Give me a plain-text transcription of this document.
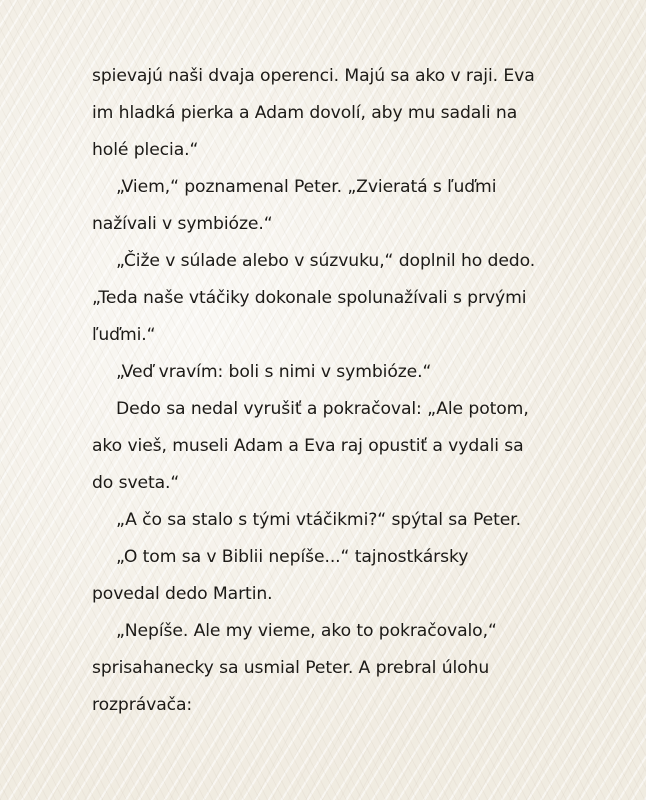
spievajú naši dvaja operenci. Majú sa ako v raji. Eva
im hladká pierka a Adam dovolí, aby mu sadali na
holé plecia.“
„Viem,“ poznamenal Peter. „Zvieratá s ľuďmi
nažívali v symbióze.“
„Čiže v súlade alebo v súzvuku,“ doplnil ho dedo.
„Teda naše vtáčiky dokonale spolunažívali s prvými
ľuďmi.“
„Veď vravím: boli s nimi v symbióze.“
Dedo sa nedal vyrušiť a pokračoval: „Ale potom,
ako vieš, museli Adam a Eva raj opustiť a vydali sa
do sveta.“
„A čo sa stalo s tými vtáčikmi?“ spýtal sa Peter.
„O tom sa v Biblii nepíše...“ tajnostkársky
povedal dedo Martin.
„Nepíše. Ale my vieme, ako to pokračovalo,“
sprisahanecky sa usmial Peter. A prebral úlohu
rozprávača:
